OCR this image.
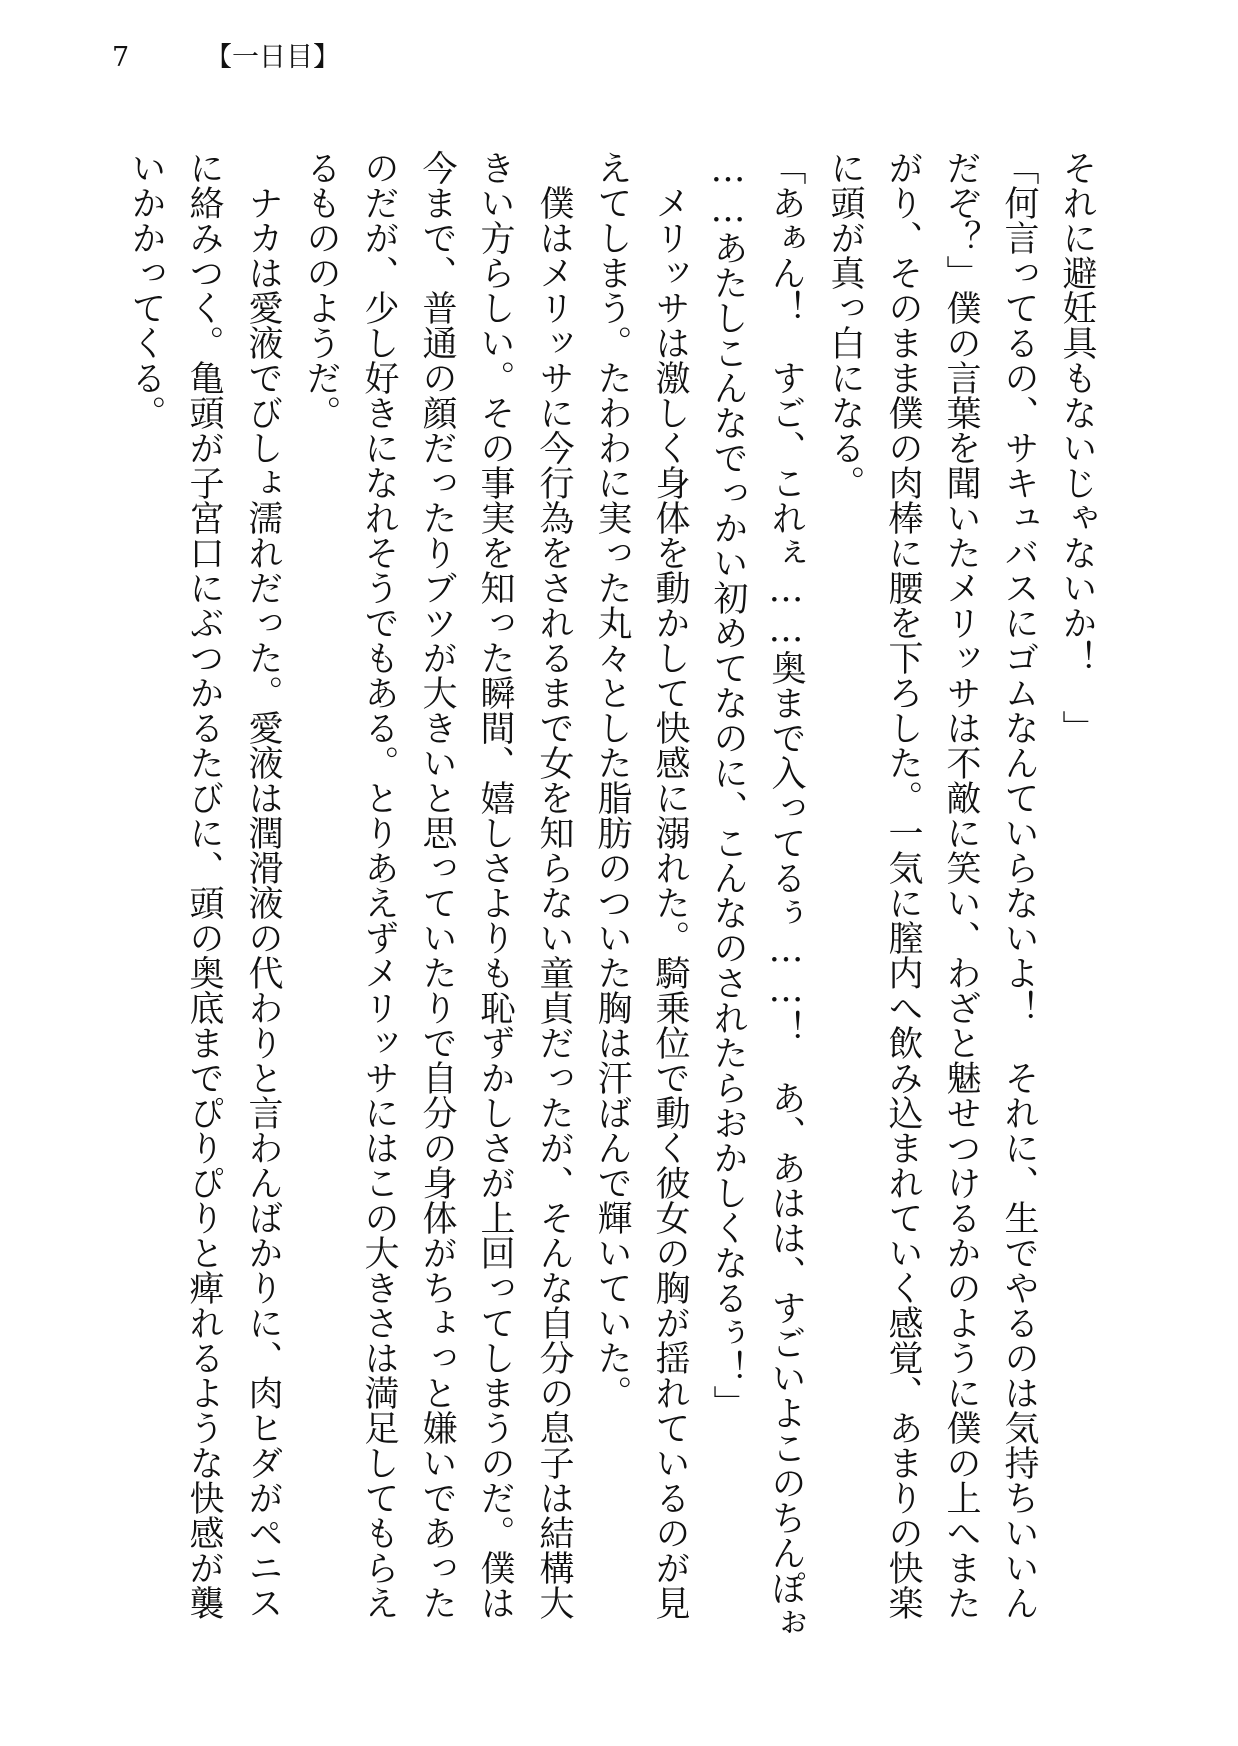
7	【一日目】
それに避妊具もないじゃないか！　」
「何言ってるの、サキュバスにゴムなんていらないよ！　それに、生でやるのは気持ちいいん
だぞ？」僕の言葉を聞いたメリッサは不敵に笑い、わざと魅せつけるかのように僕の上へまた
がり、そのまま僕の肉棒に腰を下ろした。一気に膣内へ飲み込まれていく感覚、あまりの快楽
に頭が真っ白になる。
「あぁん！　すご、これぇ……奥まで入ってるぅ……！　あ、あはは、すごいよこのちんぽぉ
……あたしこんなでっかい初めてなのに、こんなのされたらおかしくなるぅ！」
　メリッサは激しく身体を動かして快感に溺れた。騎乗位で動く彼女の胸が揺れているのが見
えてしまう。たわわに実った丸々とした脂肪のついた胸は汗ばんで輝いていた。
　僕はメリッサに今行為をされるまで女を知らない童貞だったが、そんな自分の息子は結構大
きい方らしい。その事実を知った瞬間、嬉しさよりも恥ずかしさが上回ってしまうのだ。僕は
今まで、普通の顔だったりブツが大きいと思っていたりで自分の身体がちょっと嫌いであった
のだが、少し好きになれそうでもある。とりあえずメリッサにはこの大きさは満足してもらえ
るもののようだ。
　ナカは愛液でびしょ濡れだった。愛液は潤滑液の代わりと言わんばかりに、肉ヒダがペニス
に絡みつく。亀頭が子宮口にぶつかるたびに、頭の奥底までぴりぴりと痺れるような快感が襲
いかかってくる。
